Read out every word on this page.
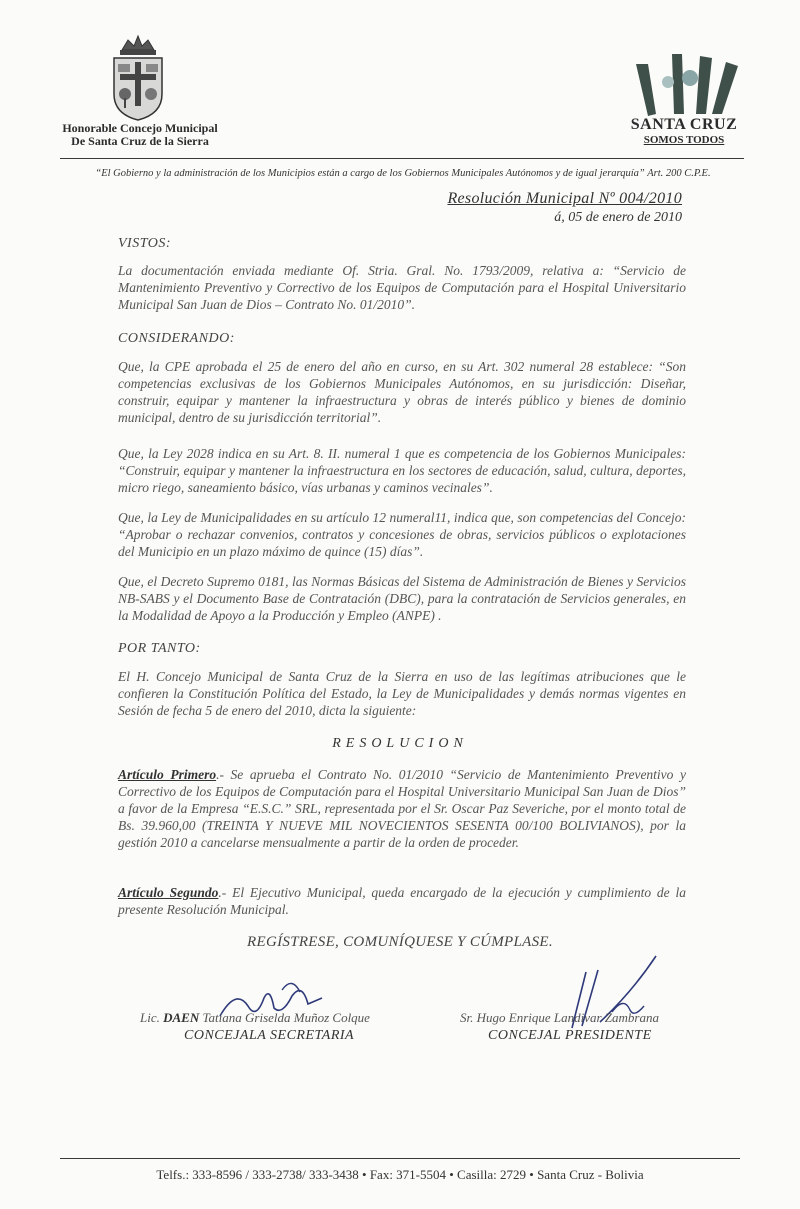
Honorable Concejo Municipal
De Santa Cruz de la Sierra
SANTA CRUZ
SOMOS TODOS
“El Gobierno y la administración de los Municipios están a cargo de los Gobiernos Municipales Autónomos y de igual jerarquía” Art. 200 C.P.E.
Resolución Municipal Nº 004/2010
á, 05 de enero de 2010
VISTOS:
La documentación enviada mediante Of. Stria. Gral. No. 1793/2009, relativa a: “Servicio de Mantenimiento Preventivo y Correctivo de los Equipos de Computación para el Hospital Universitario Municipal San Juan de Dios – Contrato No. 01/2010”.
CONSIDERANDO:
Que, la CPE aprobada el 25 de enero del año en curso, en su Art. 302 numeral 28 establece: “Son competencias exclusivas de los Gobiernos Municipales Autónomos, en su jurisdicción: Diseñar, construir, equipar y mantener la infraestructura y obras de interés público y bienes de dominio municipal, dentro de su jurisdicción territorial”.
Que, la Ley 2028 indica en su Art. 8. II. numeral 1 que es competencia de los Gobiernos Municipales: “Construir, equipar y mantener la infraestructura en los sectores de educación, salud, cultura, deportes, micro riego, saneamiento básico, vías urbanas y caminos vecinales”.
Que, la Ley de Municipalidades en su artículo 12 numeral11, indica que, son competencias del Concejo: “Aprobar o rechazar convenios, contratos y concesiones de obras, servicios públicos o explotaciones del Municipio en un plazo máximo de quince (15) días”.
Que, el Decreto Supremo 0181, las Normas Básicas del Sistema de Administración de Bienes y Servicios NB-SABS y el Documento Base de Contratación (DBC), para la contratación de Servicios generales, en la Modalidad de Apoyo a la Producción y Empleo (ANPE) .
POR TANTO:
El H. Concejo Municipal de Santa Cruz de la Sierra en uso de las legítimas atribuciones que le confieren la Constitución Política del Estado, la Ley de Municipalidades y demás normas vigentes en Sesión de fecha 5 de enero del 2010, dicta la siguiente:
RESOLUCION
Artículo Primero.- Se aprueba el Contrato No. 01/2010 “Servicio de Mantenimiento Preventivo y Correctivo de los Equipos de Computación para el Hospital Universitario Municipal San Juan de Dios” a favor de la Empresa “E.S.C.” SRL, representada por el Sr. Oscar Paz Severiche, por el monto total de Bs. 39.960,00 (TREINTA Y NUEVE MIL NOVECIENTOS SESENTA 00/100 BOLIVIANOS), por la gestión 2010 a cancelarse mensualmente a partir de la orden de proceder.
Artículo Segundo.- El Ejecutivo Municipal, queda encargado de la ejecución y cumplimiento de la presente Resolución Municipal.
REGÍSTRESE, COMUNÍQUESE Y CÚMPLASE.
Lic. DAEN Tatiana Griselda Muñoz Colque
CONCEJALA SECRETARIA
Sr. Hugo Enrique Landivar Zambrana
CONCEJAL PRESIDENTE
Telfs.: 333-8596 / 333-2738/ 333-3438 • Fax: 371-5504 • Casilla: 2729 • Santa Cruz - Bolivia
